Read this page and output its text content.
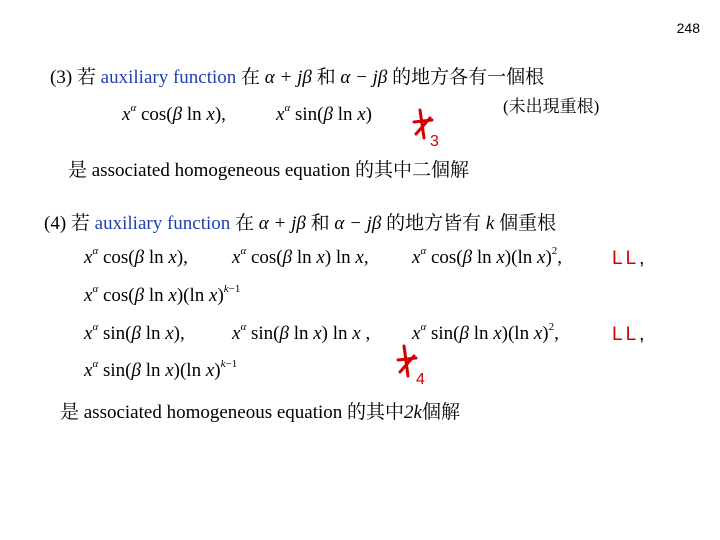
248
(3) 若 auxiliary function 在 α + jβ 和 α − jβ 的地方各有一個根
(未出現重根)
$x^\alpha$ cos(β ln x),	$x^\alpha$ sin(β ln x)
3
是 associated homogeneous equation 的其中二個解
(4) 若 auxiliary function 在 α + jβ 和 α − jβ 的地方皆有 k 個重根
$x^\alpha$ cos(β ln x), $x^\alpha$ cos(β ln x) ln x, $x^\alpha$ cos(β ln x)(ln x)$^2$,	LL,
$x^\alpha$ cos(β ln x)(ln x)$^{k-1}$
$x^\alpha$ sin(β ln x), $x^\alpha$ sin(β ln x) ln x , $x^\alpha$ sin(β ln x)(ln x)$^2$,	LL,
$x^\alpha$ sin(β ln x)(ln x)$^{k-1}$
4
是 associated homogeneous equation 的其中2k個解
